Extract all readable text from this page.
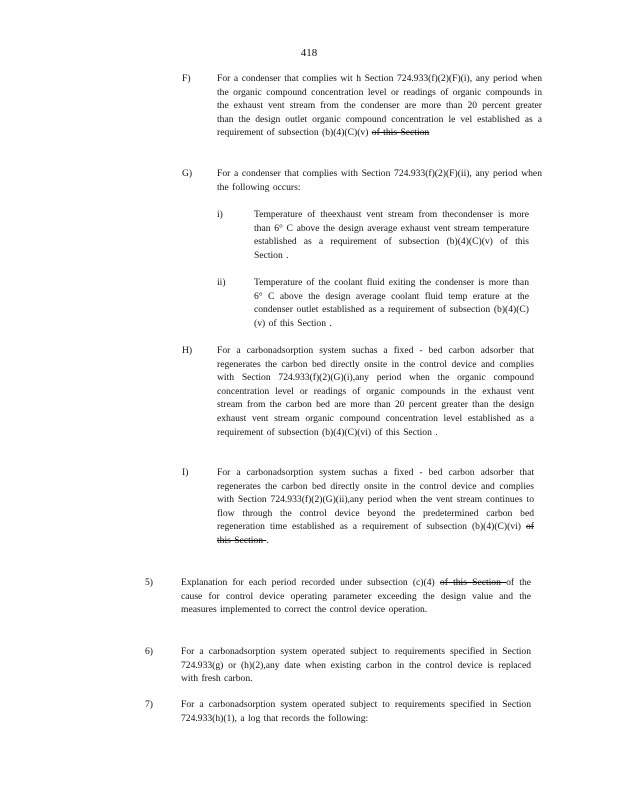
418
F)	For a condenser that complies wit h Section 724.933(f)(2)(F)(i), any period when the organic compound concentration level or readings of organic compounds in the exhaust vent stream from the condenser are more than 20 percent greater than the design outlet organic compound concentration le vel established as a requirement of subsection (b)(4)(C)(v) of this Section
G)	For a condenser that complies with Section 724.933(f)(2)(F)(ii), any period when the following occurs:
i)	Temperature of theexhaust vent stream from thecondenser is more than 6° C above the design average exhaust vent stream temperature established as a requirement of subsection (b)(4)(C)(v) of this Section .
ii)	Temperature of the coolant fluid exiting the condenser is more than 6° C above the design average coolant fluid temp erature at the condenser outlet established as a requirement of subsection (b)(4)(C)(v) of this Section .
H)	For a carbonadsorption system suchas a fixed - bed carbon adsorber that regenerates the carbon bed directly onsite in the control device and complies with Section 724.933(f)(2)(G)(i),any period when the organic compound concentration level or readings of organic compounds in the exhaust vent stream from the carbon bed are more than 20 percent greater than the design exhaust vent stream organic compound concentration level established as a requirement of subsection (b)(4)(C)(vi) of this Section .
I)	For a carbonadsorption system suchas a fixed - bed carbon adsorber that regenerates the carbon bed directly onsite in the control device and complies with Section 724.933(f)(2)(G)(ii),any period when the vent stream continues to flow through the control device beyond the predetermined carbon bed regeneration time established as a requirement of subsection (b)(4)(C)(vi) of this Section .
5)	Explanation for each period recorded under subsection (c)(4) of this Section of the cause for control device operating parameter exceeding the design value and the measures implemented to correct the control device operation.
6)	For a carbonadsorption system operated subject to requirements specified in Section 724.933(g) or (h)(2),any date when existing carbon in the control device is replaced with fresh carbon.
7)	For a carbonadsorption system operated subject to requirements specified in Section 724.933(h)(1), a log that records the following:
